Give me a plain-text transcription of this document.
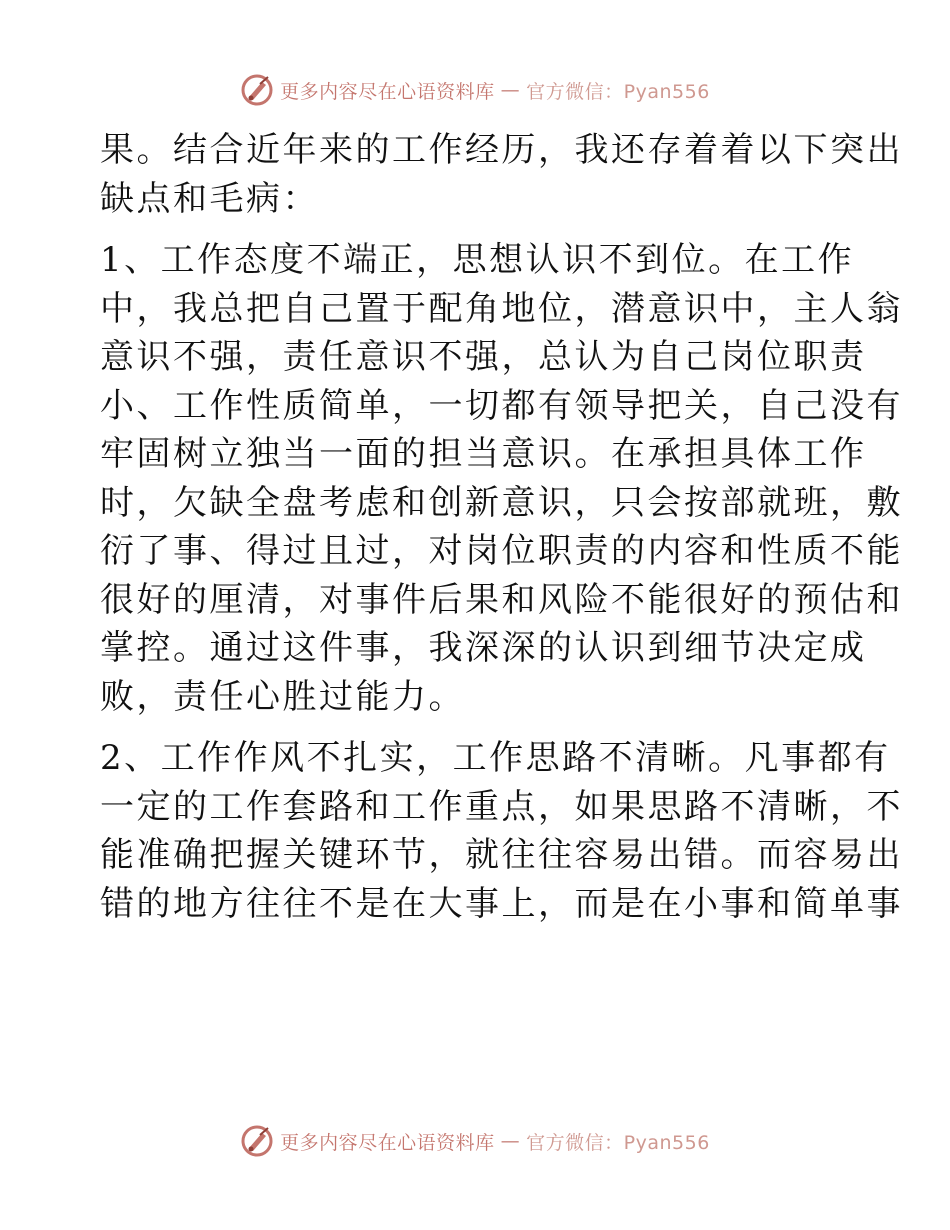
更多内容尽在心语资料库 — 官方微信：Pyan556

果。结合近年来的工作经历，我还存着着以下突出
缺点和毛病：

1、工作态度不端正，思想认识不到位。在工作
中，我总把自己置于配角地位，潜意识中，主人翁
意识不强，责任意识不强，总认为自己岗位职责
小、工作性质简单，一切都有领导把关，自己没有
牢固树立独当一面的担当意识。在承担具体工作
时，欠缺全盘考虑和创新意识，只会按部就班，敷
衍了事、得过且过，对岗位职责的内容和性质不能
很好的厘清，对事件后果和风险不能很好的预估和
掌控。通过这件事，我深深的认识到细节决定成
败，责任心胜过能力。

2、工作作风不扎实，工作思路不清晰。凡事都有
一定的工作套路和工作重点，如果思路不清晰，不
能准确把握关键环节，就往往容易出错。而容易出
错的地方往往不是在大事上，而是在小事和简单事

更多内容尽在心语资料库 — 官方微信：Pyan556
